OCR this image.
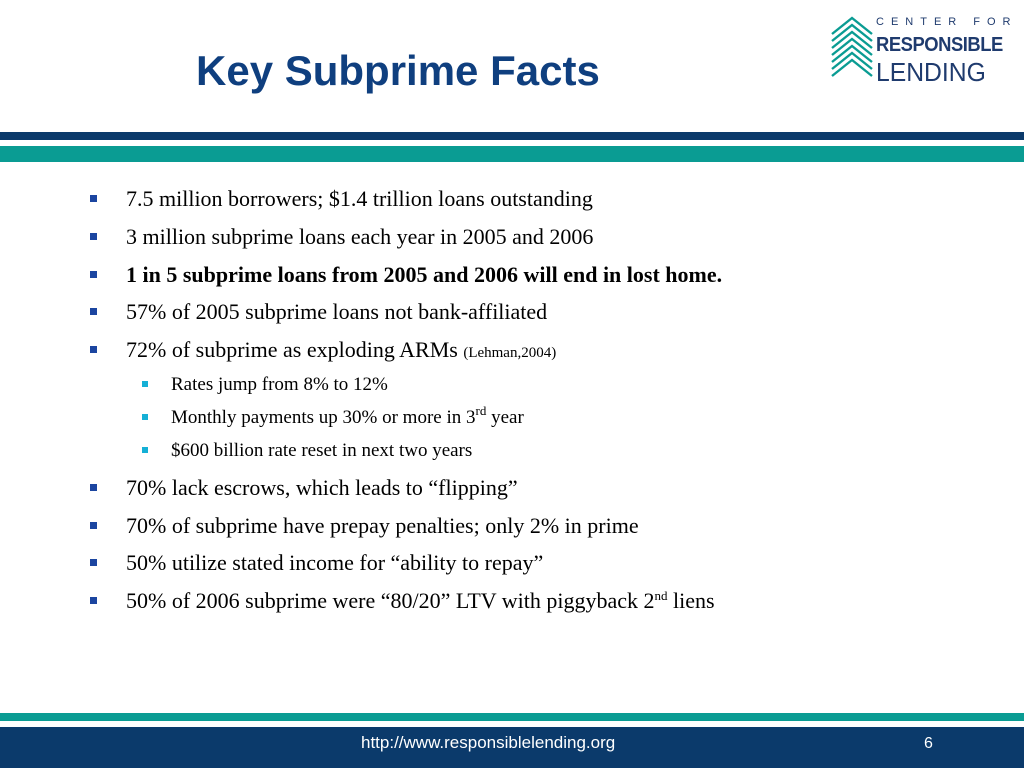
Key Subprime Facts
CENTER FOR
RESPONSIBLE
LENDING
7.5 million borrowers; $1.4 trillion loans outstanding
3 million subprime loans each year in 2005 and 2006
1 in 5 subprime loans from 2005 and 2006 will end in lost home.
57% of 2005 subprime loans not bank-affiliated
72% of subprime as exploding ARMs (Lehman,2004)
Rates jump from 8% to 12%
Monthly payments up 30% or more in 3rd year
$600 billion rate reset in next two years
70% lack escrows, which leads to “flipping”
70% of subprime have prepay penalties; only 2% in prime
50% utilize stated income for “ability to repay”
50% of 2006 subprime were “80/20” LTV with piggyback 2nd liens
http://www.responsiblelending.org	6
